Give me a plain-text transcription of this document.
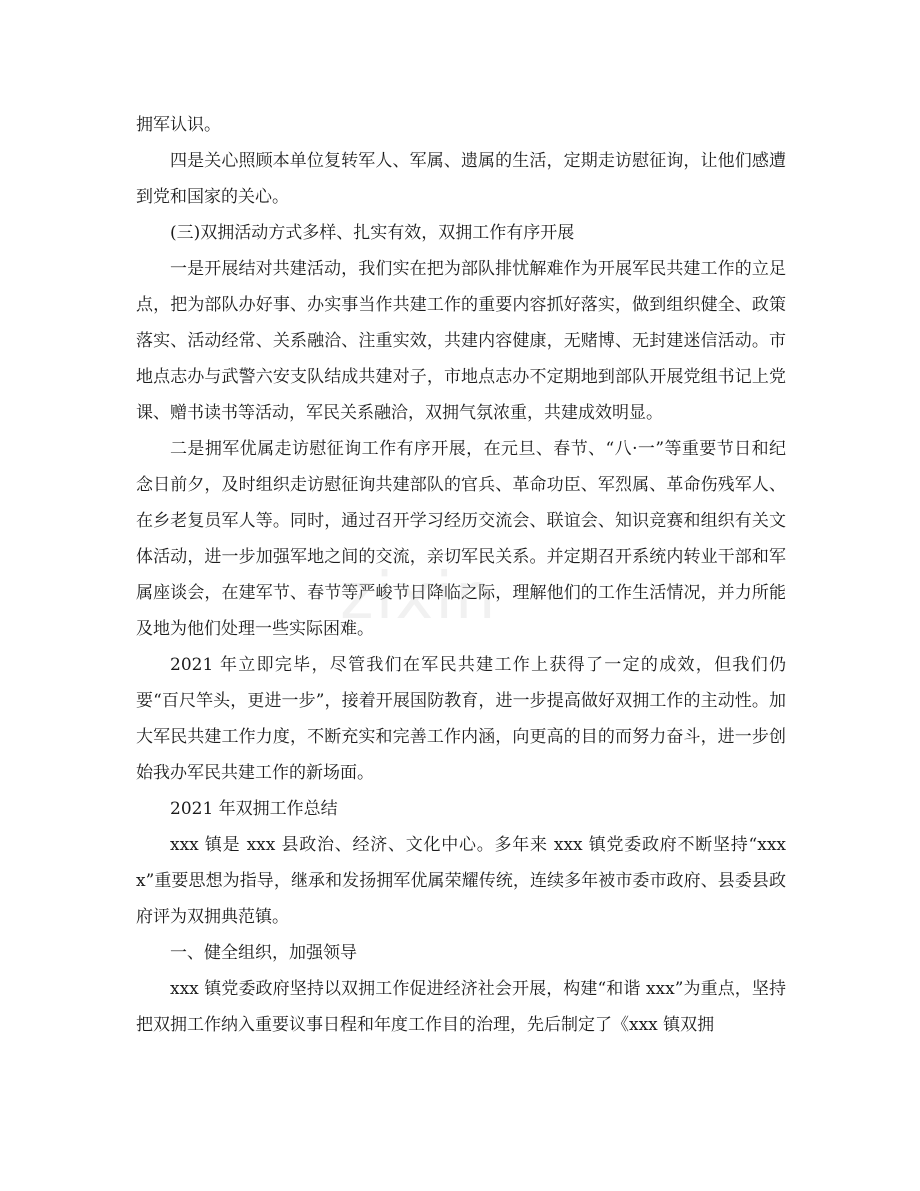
拥军认识。

四是关心照顾本单位复转军人、军属、遗属的生活，定期走访慰征询，让他们感遭到党和国家的关心。

(三)双拥活动方式多样、扎实有效，双拥工作有序开展

一是开展结对共建活动，我们实在把为部队排忧解难作为开展军民共建工作的立足点，把为部队办好事、办实事当作共建工作的重要内容抓好落实，做到组织健全、政策落实、活动经常、关系融洽、注重实效，共建内容健康，无赌博、无封建迷信活动。市地点志办与武警六安支队结成共建对子，市地点志办不定期地到部队开展党组书记上党课、赠书读书等活动，军民关系融洽，双拥气氛浓重，共建成效明显。

二是拥军优属走访慰征询工作有序开展，在元旦、春节、“八·一”等重要节日和纪念日前夕，及时组织走访慰征询共建部队的官兵、革命功臣、军烈属、革命伤残军人、在乡老复员军人等。同时，通过召开学习经历交流会、联谊会、知识竞赛和组织有关文体活动，进一步加强军地之间的交流，亲切军民关系。并定期召开系统内转业干部和军属座谈会，在建军节、春节等严峻节日降临之际，理解他们的工作生活情况，并力所能及地为他们处理一些实际困难。

2021 年立即完毕，尽管我们在军民共建工作上获得了一定的成效，但我们仍要“百尺竿头，更进一步”，接着开展国防教育，进一步提高做好双拥工作的主动性。加大军民共建工作力度，不断充实和完善工作内涵，向更高的目的而努力奋斗，进一步创始我办军民共建工作的新场面。

2021 年双拥工作总结

xxx 镇是 xxx 县政治、经济、文化中心。多年来 xxx 镇党委政府不断坚持“xxxx”重要思想为指导，继承和发扬拥军优属荣耀传统，连续多年被市委市政府、县委县政府评为双拥典范镇。

一、健全组织，加强领导

xxx 镇党委政府坚持以双拥工作促进经济社会开展，构建“和谐 xxx”为重点，坚持把双拥工作纳入重要议事日程和年度工作目的治理，先后制定了《xxx 镇双拥

zixin
